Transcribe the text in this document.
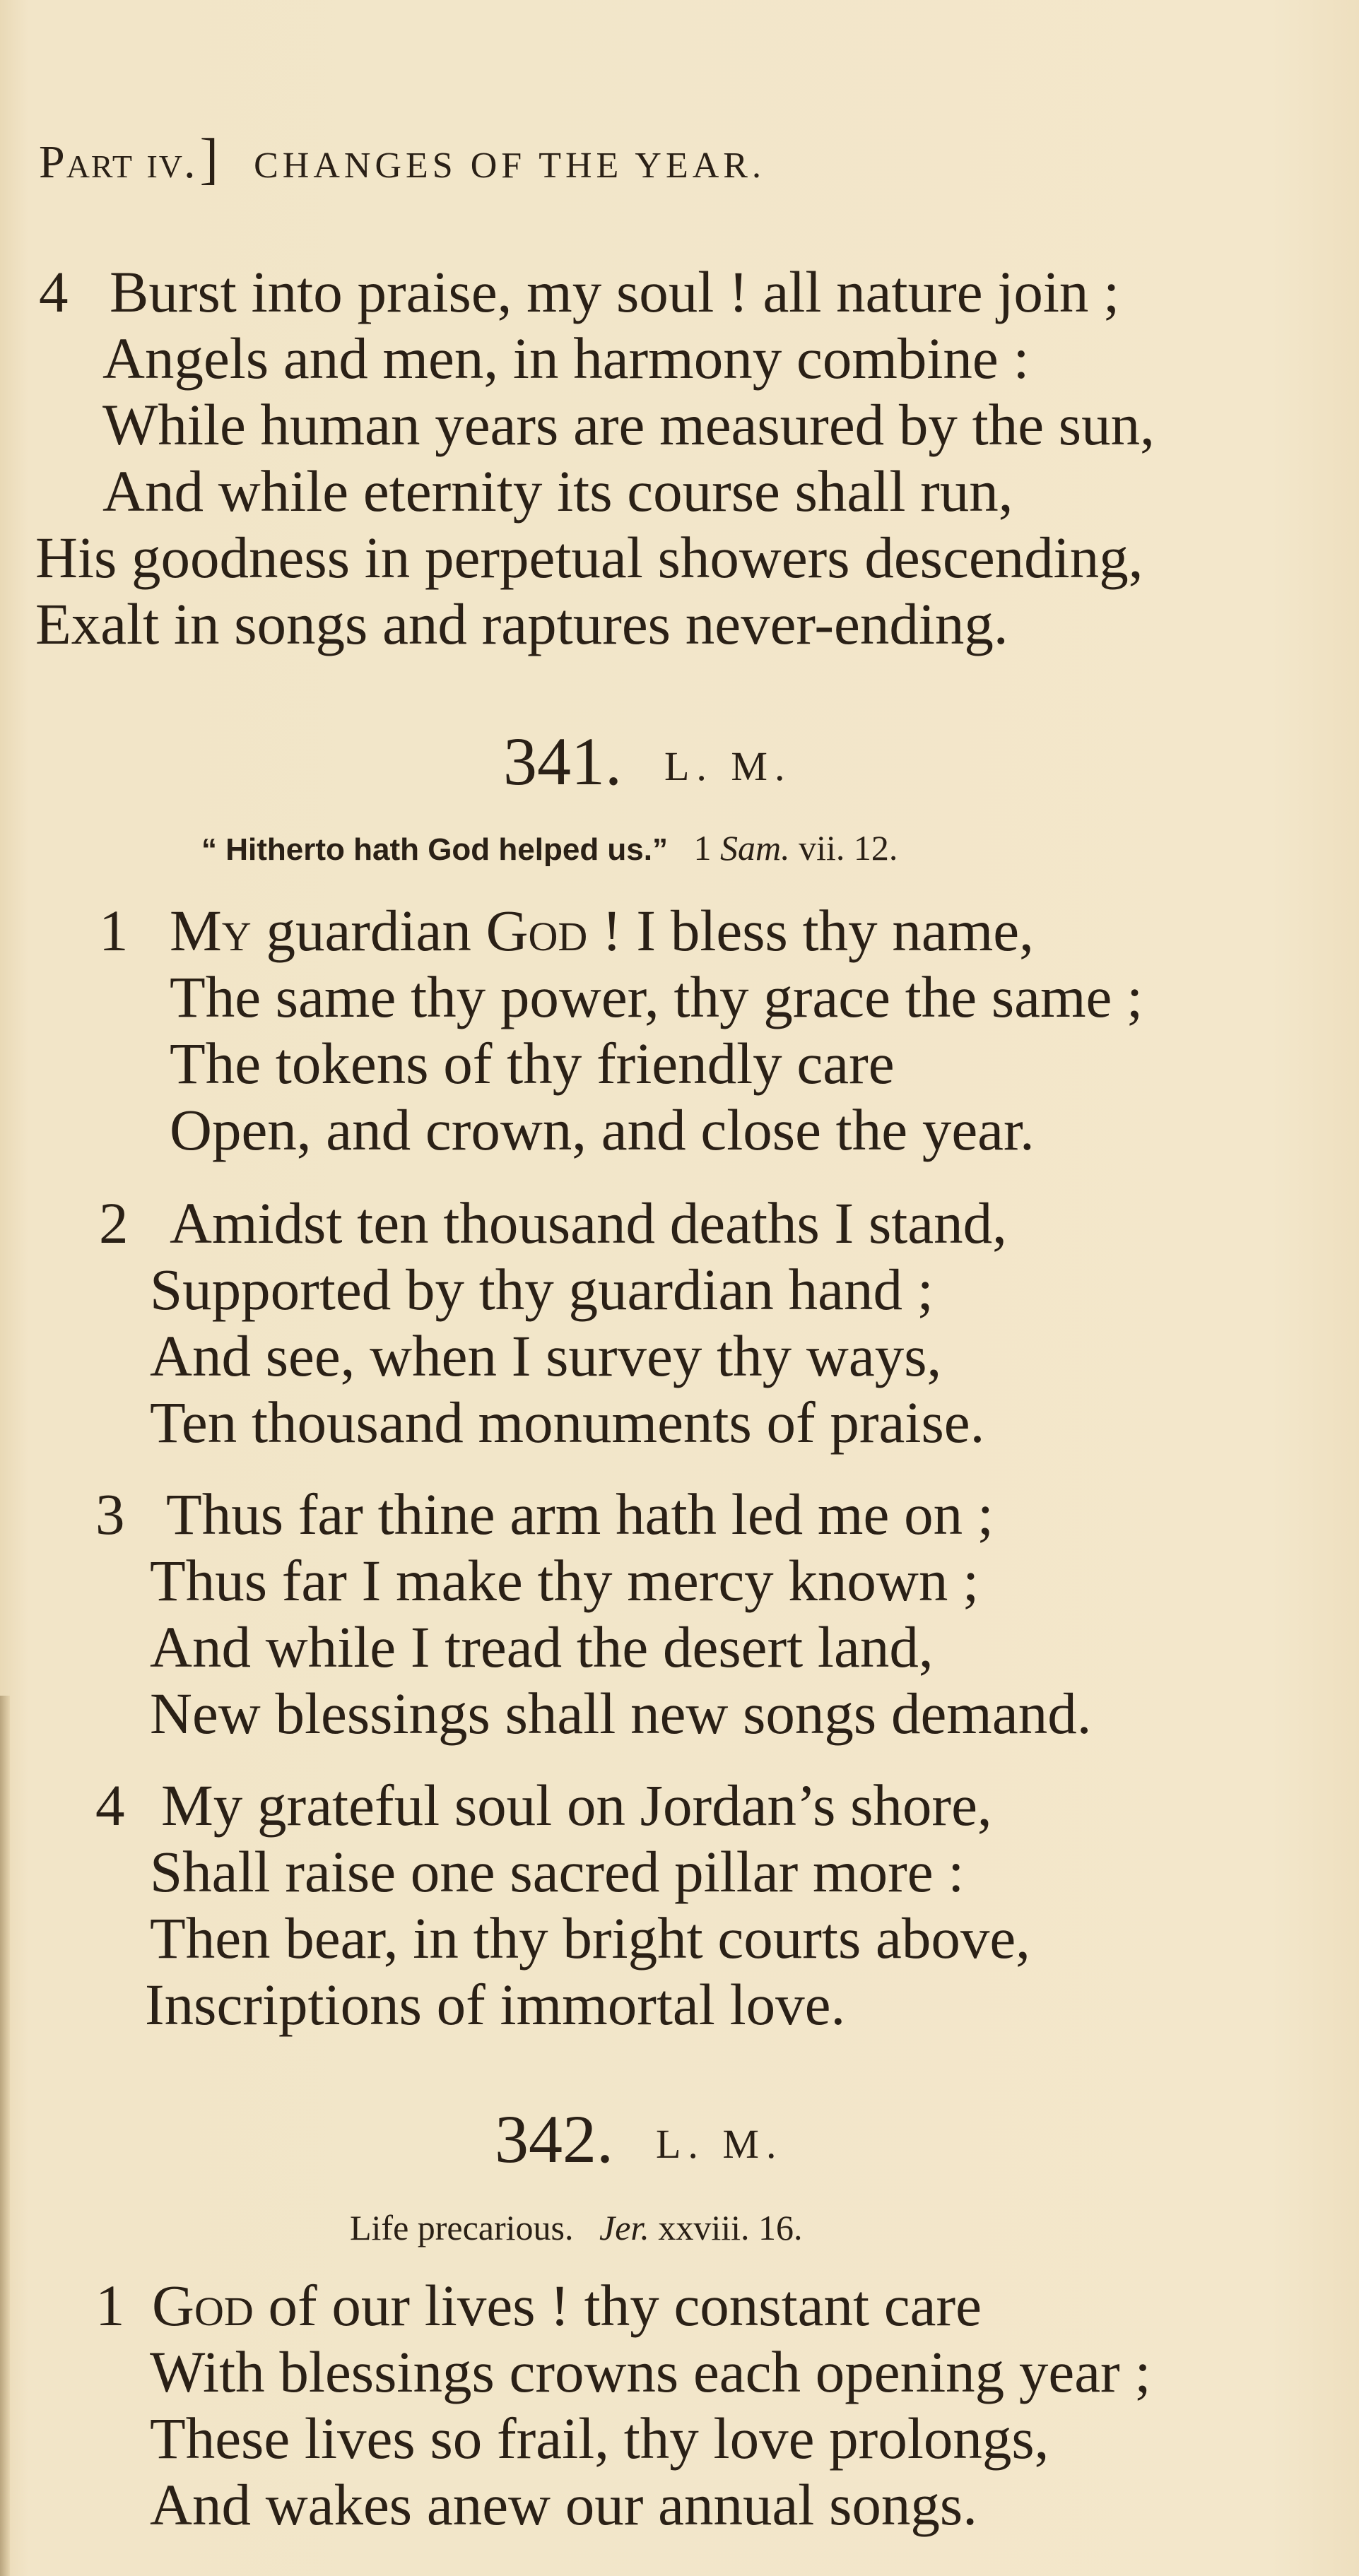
Part iv.] CHANGES OF THE YEAR.
4 Burst into praise, my soul ! all nature join ;
Angels and men, in harmony combine :
While human years are measured by the sun,
And while eternity its course shall run,
His goodness in perpetual showers descending,
Exalt in songs and raptures never-ending.
341. L. M.
“ Hitherto hath God helped us.” 1 Sam. vii. 12.
1 My guardian God ! I bless thy name,
The same thy power, thy grace the same ;
The tokens of thy friendly care
Open, and crown, and close the year.
2 Amidst ten thousand deaths I stand,
Supported by thy guardian hand ;
And see, when I survey thy ways,
Ten thousand monuments of praise.
3 Thus far thine arm hath led me on ;
Thus far I make thy mercy known ;
And while I tread the desert land,
New blessings shall new songs demand.
4 My grateful soul on Jordan’s shore,
Shall raise one sacred pillar more :
Then bear, in thy bright courts above,
Inscriptions of immortal love.
342. L. M.
Life precarious. Jer. xxviii. 16.
1 God of our lives ! thy constant care
With blessings crowns each opening year ;
These lives so frail, thy love prolongs,
And wakes anew our annual songs.
